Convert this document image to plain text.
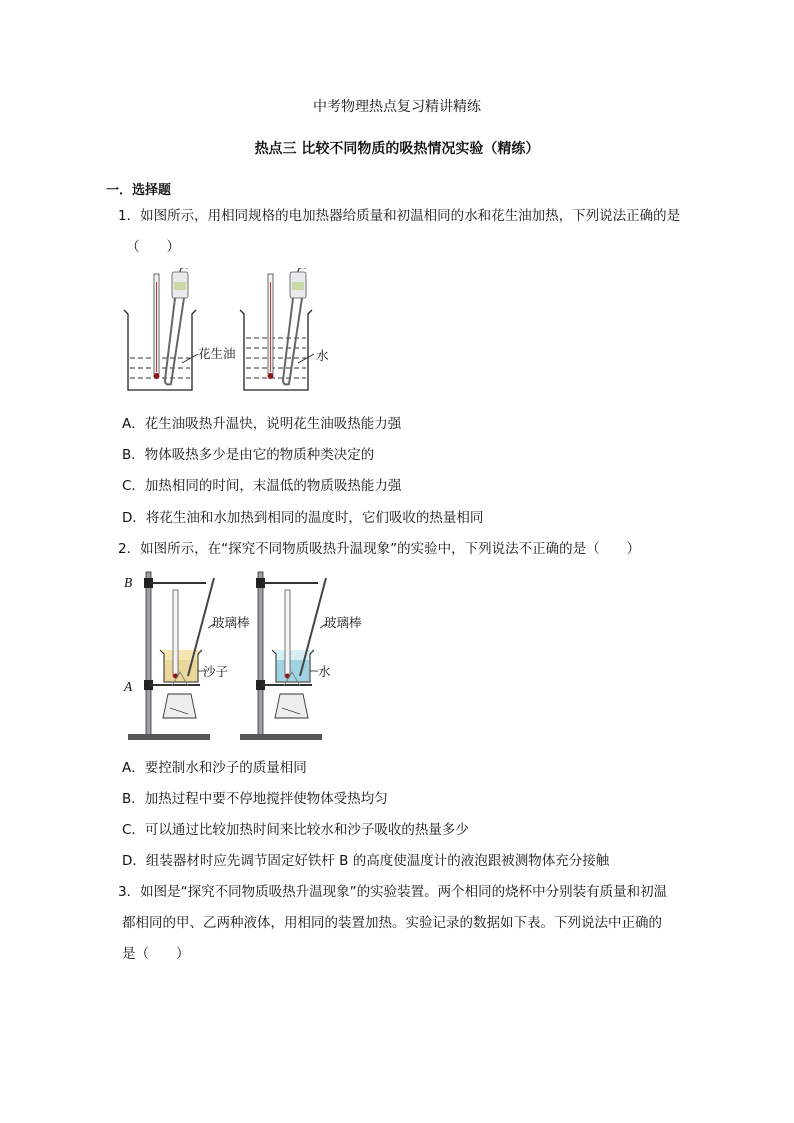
中考物理热点复习精讲精练
热点三 比较不同物质的吸热情况实验（精练）
一．选择题
1．如图所示，用相同规格的电加热器给质量和初温相同的水和花生油加热，下列说法正确的是
（　　）
花生油	水
A．花生油吸热升温快，说明花生油吸热能力强
B．物体吸热多少是由它的物质种类决定的
C．加热相同的时间，末温低的物质吸热能力强
D．将花生油和水加热到相同的温度时，它们吸收的热量相同
2．如图所示，在“探究不同物质吸热升温现象”的实验中，下列说法不正确的是（　　）
B
A
玻璃棒	玻璃棒
沙子	水
A．要控制水和沙子的质量相同
B．加热过程中要不停地搅拌使物体受热均匀
C．可以通过比较加热时间来比较水和沙子吸收的热量多少
D．组装器材时应先调节固定好铁杆 B 的高度使温度计的液泡跟被测物体充分接触
3．如图是“探究不同物质吸热升温现象”的实验装置。两个相同的烧杯中分别装有质量和初温
都相同的甲、乙两种液体，用相同的装置加热。实验记录的数据如下表。下列说法中正确的
是（　　）
